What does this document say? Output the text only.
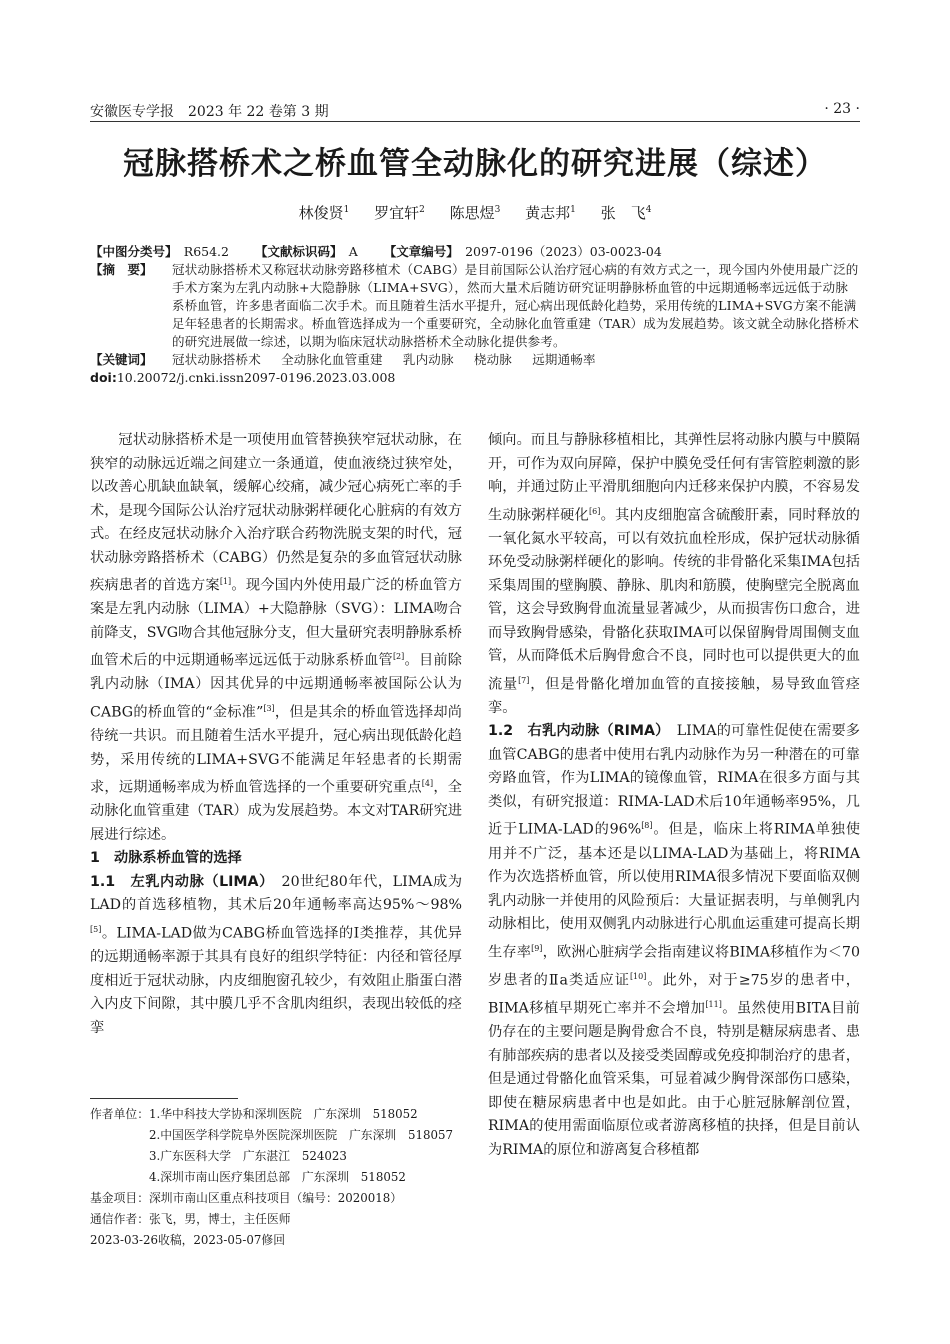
安徽医专学报　2023 年 22 卷第 3 期	· 23 ·
冠脉搭桥术之桥血管全动脉化的研究进展（综述）
林俊贤$^1$ 罗宜轩$^2$ 陈思煜$^3$ 黄志邦$^1$ 张　飞$^4$
【中图分类号】　 R654.2 【文献标识码】　 A 【文章编号】　 2097-0196（2023）03-0023-04
【摘　要】	冠状动脉搭桥术又称冠状动脉旁路移植术（CABG）是目前国际公认治疗冠心病的有效方式之一，现今国内外使用最广泛的手术方案为左乳内动脉+大隐静脉（LIMA+SVG），然而大量术后随访研究证明静脉桥血管的中远期通畅率远远低于动脉系桥血管，许多患者面临二次手术。而且随着生活水平提升，冠心病出现低龄化趋势，采用传统的LIMA+SVG方案不能满足年轻患者的长期需求。桥血管选择成为一个重要研究，全动脉化血管重建（TAR）成为发展趋势。该文就全动脉化搭桥术的研究进展做一综述，以期为临床冠状动脉搭桥术全动脉化提供参考。
【关键词】	冠状动脉搭桥术 全动脉化血管重建 乳内动脉 桡动脉 远期通畅率
doi:10.20072/j.cnki.issn2097-0196.2023.03.008

冠状动脉搭桥术是一项使用血管替换狭窄冠状动脉，在狭窄的动脉远近端之间建立一条通道，使血液绕过狭窄处，以改善心肌缺血缺氧，缓解心绞痛，减少冠心病死亡率的手术，是现今国际公认治疗冠状动脉粥样硬化心脏病的有效方式。在经皮冠状动脉介入治疗联合药物洗脱支架的时代，冠状动脉旁路搭桥术（CABG）仍然是复杂的多血管冠状动脉疾病患者的首选方案[1]。现今国内外使用最广泛的桥血管方案是左乳内动脉（LIMA）+大隐静脉（SVG）：LIMA吻合前降支，SVG吻合其他冠脉分支，但大量研究表明静脉系桥血管术后的中远期通畅率远远低于动脉系桥血管[2]。目前除乳内动脉（IMA）因其优异的中远期通畅率被国际公认为CABG的桥血管的“金标准”[3]，但是其余的桥血管选择却尚待统一共识。而且随着生活水平提升，冠心病出现低龄化趋势，采用传统的LIMA+SVG不能满足年轻患者的长期需求，远期通畅率成为桥血管选择的一个重要研究重点[4]，全动脉化血管重建（TAR）成为发展趋势。本文对TAR研究进展进行综述。

1　动脉系桥血管的选择

1.1　左乳内动脉（LIMA）　20世纪80年代，LIMA成为LAD的首选移植物，其术后20年通畅率高达95%～98%[5]。LIMA-LAD做为CABG桥血管选择的I类推荐，其优异的远期通畅率源于其具有良好的组织学特征：内径和管径厚度相近于冠状动脉，内皮细胞窗孔较少，有效阻止脂蛋白潜入内皮下间隙，其中膜几乎不含肌肉组织，表现出较低的痉挛

倾向。而且与静脉移植相比，其弹性层将动脉内膜与中膜隔开，可作为双向屏障，保护中膜免受任何有害管腔刺激的影响，并通过防止平滑肌细胞向内迁移来保护内膜，不容易发生动脉粥样硬化[6]。其内皮细胞富含硫酸肝素，同时释放的一氧化氮水平较高，可以有效抗血栓形成，保护冠状动脉循环免受动脉粥样硬化的影响。传统的非骨骼化采集IMA包括采集周围的壁胸膜、静脉、肌肉和筋膜，使胸壁完全脱离血管，这会导致胸骨血流量显著减少，从而损害伤口愈合，进而导致胸骨感染，骨骼化获取IMA可以保留胸骨周围侧支血管，从而降低术后胸骨愈合不良，同时也可以提供更大的血流量[7]，但是骨骼化增加血管的直接接触，易导致血管痉挛。

1.2　右乳内动脉（RIMA）　LIMA的可靠性促使在需要多血管CABG的患者中使用右乳内动脉作为另一种潜在的可靠旁路血管，作为LIMA的镜像血管，RIMA在很多方面与其类似，有研究报道：RIMA-LAD术后10年通畅率95%，几近于LIMA-LAD的96%[8]。但是，临床上将RIMA单独使用并不广泛，基本还是以LIMA-LAD为基础上，将RIMA作为次选搭桥血管，所以使用RIMA很多情况下要面临双侧乳内动脉一并使用的风险预后：大量证据表明，与单侧乳内动脉相比，使用双侧乳内动脉进行心肌血运重建可提高长期生存率[9]，欧洲心脏病学会指南建议将BIMA移植作为＜70岁患者的Ⅱa类适应证[10]。此外，对于≥75岁的患者中，BIMA移植早期死亡率并不会增加[11]。虽然使用BITA目前仍存在的主要问题是胸骨愈合不良，特别是糖尿病患者、患有肺部疾病的患者以及接受类固醇或免疫抑制治疗的患者，但是通过骨骼化血管采集，可显着减少胸骨深部伤口感染，即使在糖尿病患者中也是如此。由于心脏冠脉解剖位置，RIMA的使用需面临原位或者游离移植的抉择，但是目前认为RIMA的原位和游离复合移植都

作者单位：1.华中科技大学协和深圳医院　广东深圳　518052
2.中国医学科学院阜外医院深圳医院　广东深圳　518057
3.广东医科大学　广东湛江　524023
4.深圳市南山医疗集团总部　广东深圳　518052
基金项目：深圳市南山区重点科技项目（编号：2020018）
通信作者：张飞，男，博士，主任医师
2023-03-26收稿，2023-05-07修回
